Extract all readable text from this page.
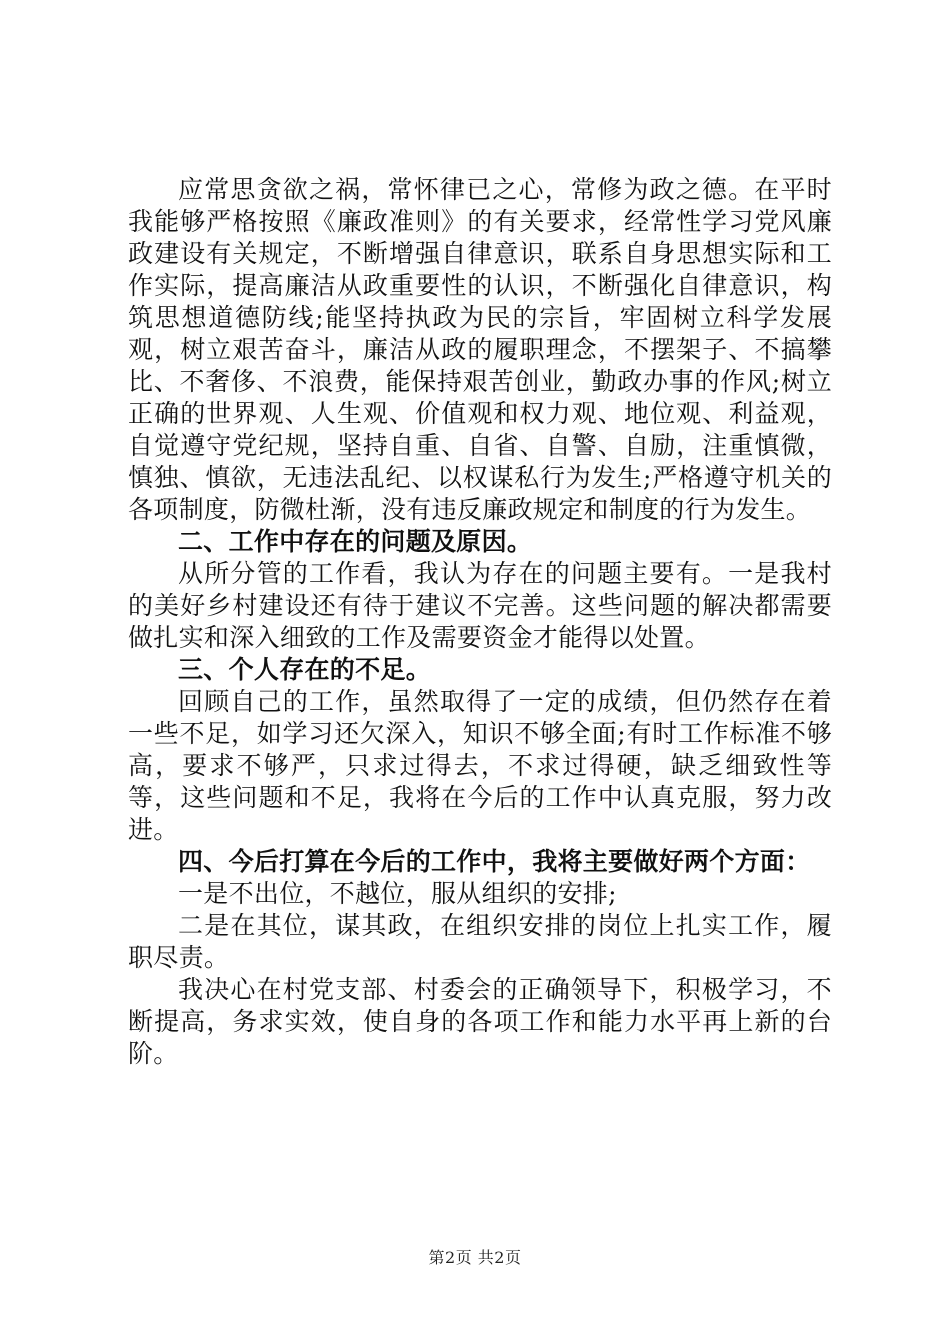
应常思贪欲之祸，常怀律已之心，常修为政之德。在平时我能够严格按照《廉政准则》的有关要求，经常性学习党风廉政建设有关规定，不断增强自律意识，联系自身思想实际和工作实际，提高廉洁从政重要性的认识，不断强化自律意识，构筑思想道德防线;能坚持执政为民的宗旨，牢固树立科学发展观，树立艰苦奋斗，廉洁从政的履职理念，不摆架子、不搞攀比、不奢侈、不浪费，能保持艰苦创业，勤政办事的作风;树立正确的世界观、人生观、价值观和权力观、地位观、利益观，自觉遵守党纪规，坚持自重、自省、自警、自励，注重慎微，慎独、慎欲，无违法乱纪、以权谋私行为发生;严格遵守机关的各项制度，防微杜渐，没有违反廉政规定和制度的行为发生。

二、工作中存在的问题及原因。

从所分管的工作看，我认为存在的问题主要有。一是我村的美好乡村建设还有待于建议不完善。这些问题的解决都需要做扎实和深入细致的工作及需要资金才能得以处置。

三、个人存在的不足。

回顾自己的工作，虽然取得了一定的成绩，但仍然存在着一些不足，如学习还欠深入，知识不够全面;有时工作标准不够高，要求不够严，只求过得去，不求过得硬，缺乏细致性等等，这些问题和不足，我将在今后的工作中认真克服，努力改进。

四、今后打算在今后的工作中，我将主要做好两个方面：

一是不出位，不越位，服从组织的安排;

二是在其位，谋其政，在组织安排的岗位上扎实工作，履职尽责。

我决心在村党支部、村委会的正确领导下，积极学习，不断提高，务求实效，使自身的各项工作和能力水平再上新的台阶。

第2页 共2页
